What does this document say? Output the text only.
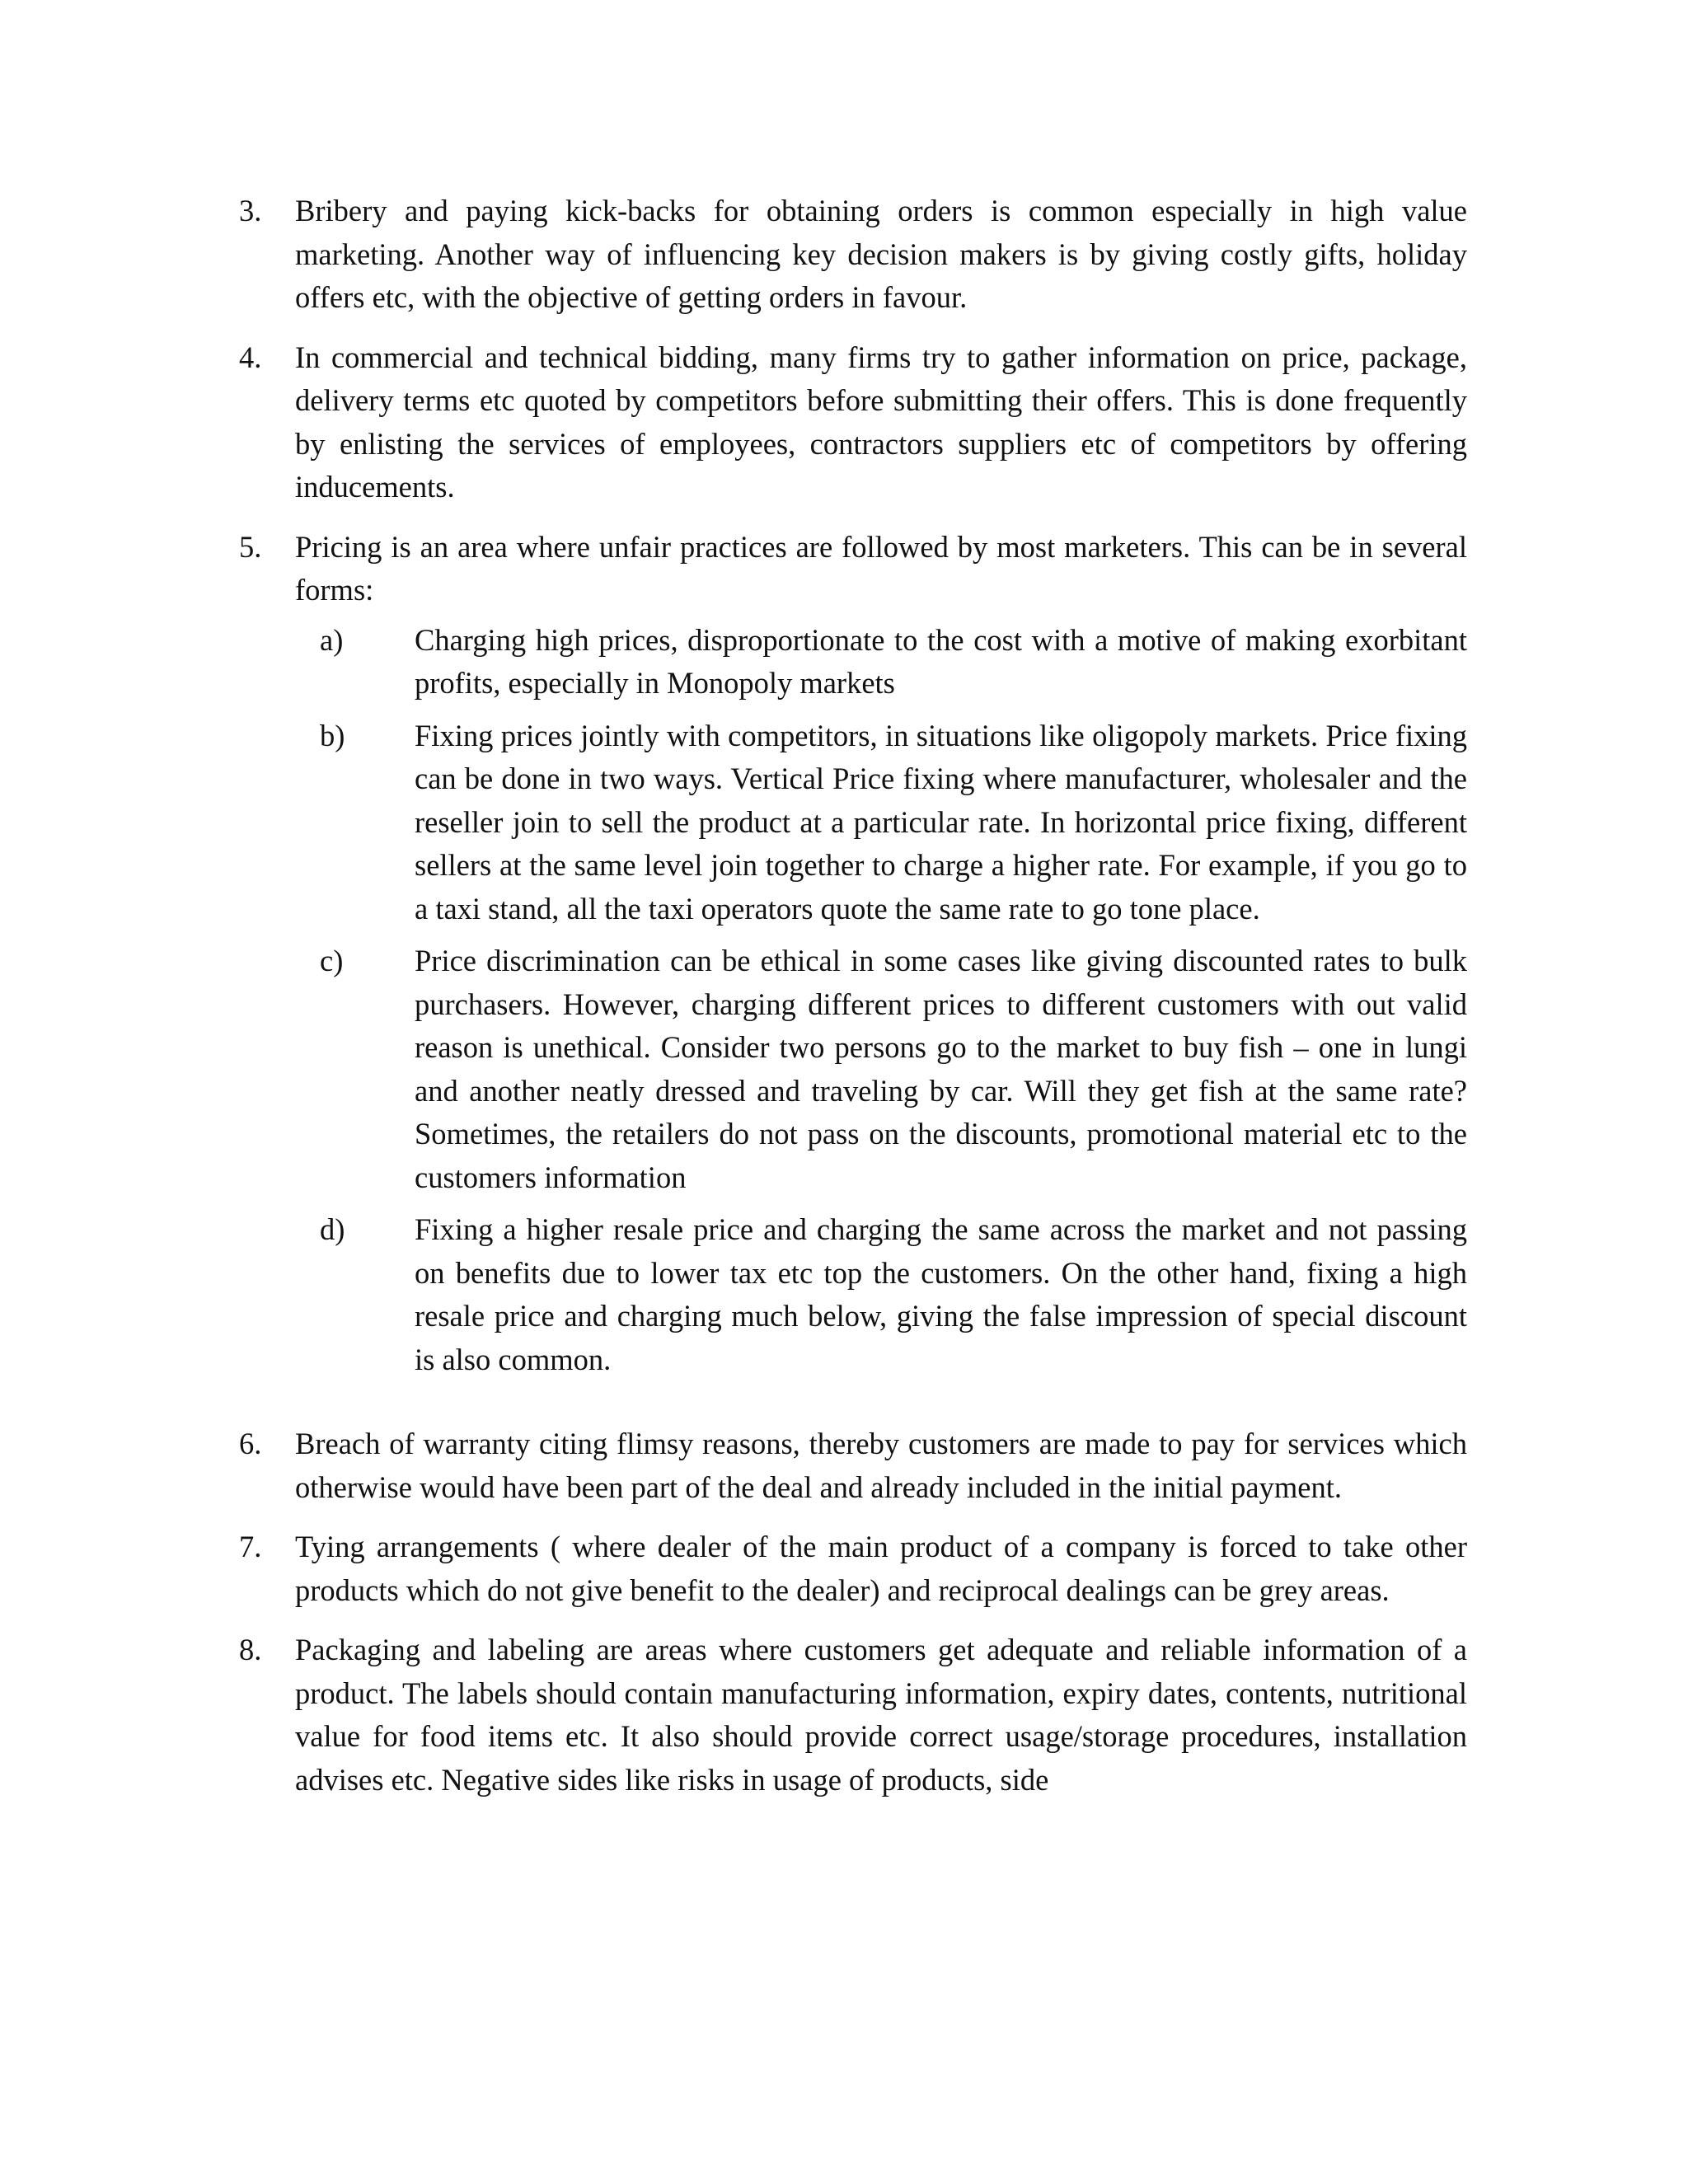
3.	Bribery and paying kick-backs for obtaining orders is common especially in high value marketing. Another way of influencing key decision makers is by giving costly gifts, holiday offers etc, with the objective of getting orders in favour.
4.	In commercial and technical bidding, many firms try to gather information on price, package, delivery terms etc quoted by competitors before submitting their offers. This is done frequently by enlisting the services of employees, contractors suppliers etc of competitors by offering inducements.
5.	Pricing is an area where unfair practices are followed by most marketers. This can be in several forms:
a)	Charging high prices, disproportionate to the cost with a motive of making exorbitant profits, especially in Monopoly markets
b)	Fixing prices jointly with competitors, in situations like oligopoly markets. Price fixing can be done in two ways. Vertical Price fixing where manufacturer, wholesaler and the reseller join to sell the product at a particular rate. In horizontal price fixing, different sellers at the same level join together to charge a higher rate. For example, if you go to a taxi stand, all the taxi operators quote the same rate to go tone place.
c)	Price discrimination can be ethical in some cases like giving discounted rates to bulk purchasers. However, charging different prices to different customers with out valid reason is unethical. Consider two persons go to the market to buy fish – one in lungi and another neatly dressed and traveling by car. Will they get fish at the same rate? Sometimes, the retailers do not pass on the discounts, promotional material etc to the customers information
d)	Fixing a higher resale price and charging the same across the market and not passing on benefits due to lower tax etc top the customers. On the other hand, fixing a high resale price and charging much below, giving the false impression of special discount is also common.
6.	Breach of warranty citing flimsy reasons, thereby customers are made to pay for services which otherwise would have been part of the deal and already included in the initial payment.
7.	Tying arrangements ( where dealer of the main product of a company is forced to take other products which do not give benefit to the dealer) and reciprocal dealings can be grey areas.
8.	Packaging and labeling are areas where customers get adequate and reliable information of a product. The labels should contain manufacturing information, expiry dates, contents, nutritional value for food items etc. It also should provide correct usage/storage procedures, installation advises etc. Negative sides like risks in usage of products, side
